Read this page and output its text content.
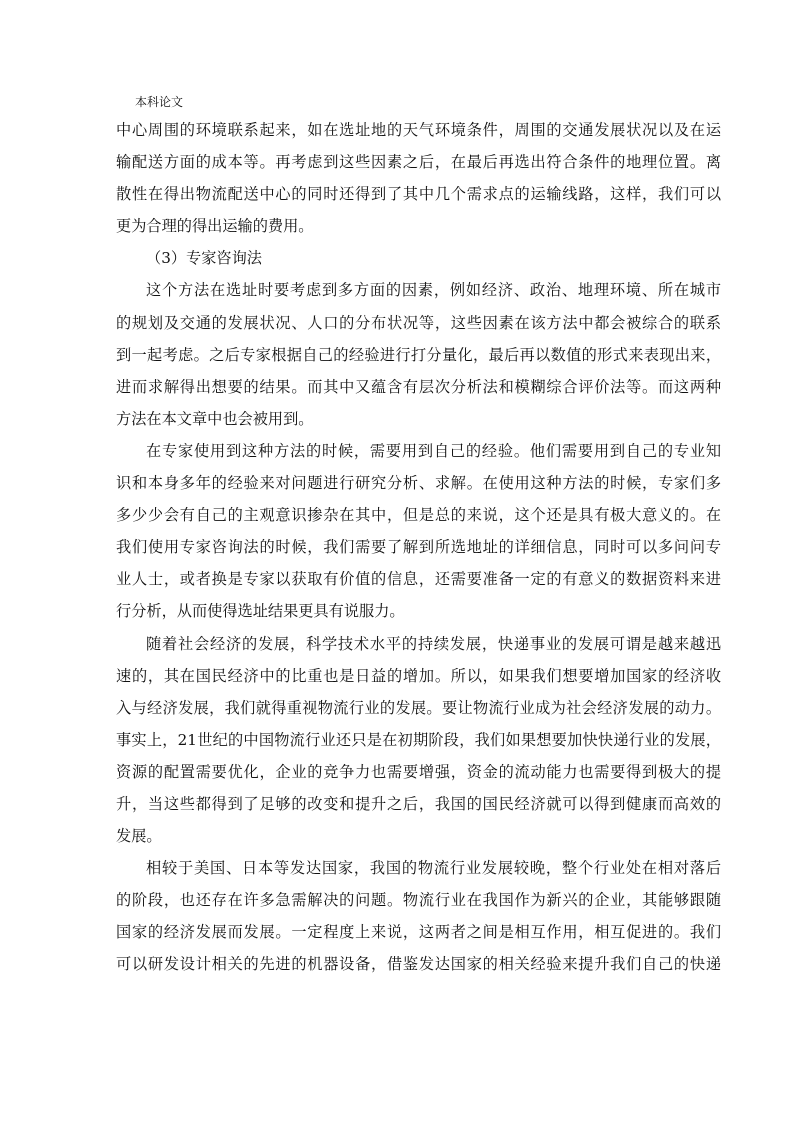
本科论文
中心周围的环境联系起来，如在选址地的天气环境条件，周围的交通发展状况以及在运
输配送方面的成本等。再考虑到这些因素之后，在最后再选出符合条件的地理位置。离
散性在得出物流配送中心的同时还得到了其中几个需求点的运输线路，这样，我们可以
更为合理的得出运输的费用。
（3）专家咨询法
这个方法在选址时要考虑到多方面的因素，例如经济、政治、地理环境、所在城市
的规划及交通的发展状况、人口的分布状况等，这些因素在该方法中都会被综合的联系
到一起考虑。之后专家根据自己的经验进行打分量化，最后再以数值的形式来表现出来，
进而求解得出想要的结果。而其中又蕴含有层次分析法和模糊综合评价法等。而这两种
方法在本文章中也会被用到。
在专家使用到这种方法的时候，需要用到自己的经验。他们需要用到自己的专业知
识和本身多年的经验来对问题进行研究分析、求解。在使用这种方法的时候，专家们多
多少少会有自己的主观意识掺杂在其中，但是总的来说，这个还是具有极大意义的。在
我们使用专家咨询法的时候，我们需要了解到所选地址的详细信息，同时可以多问问专
业人士，或者换是专家以获取有价值的信息，还需要准备一定的有意义的数据资料来进
行分析，从而使得选址结果更具有说服力。
随着社会经济的发展，科学技术水平的持续发展，快递事业的发展可谓是越来越迅
速的，其在国民经济中的比重也是日益的增加。所以，如果我们想要增加国家的经济收
入与经济发展，我们就得重视物流行业的发展。要让物流行业成为社会经济发展的动力。
事实上，21世纪的中国物流行业还只是在初期阶段，我们如果想要加快快递行业的发展，
资源的配置需要优化，企业的竞争力也需要增强，资金的流动能力也需要得到极大的提
升，当这些都得到了足够的改变和提升之后，我国的国民经济就可以得到健康而高效的
发展。
相较于美国、日本等发达国家，我国的物流行业发展较晚，整个行业处在相对落后
的阶段，也还存在许多急需解决的问题。物流行业在我国作为新兴的企业，其能够跟随
国家的经济发展而发展。一定程度上来说，这两者之间是相互作用，相互促进的。我们
可以研发设计相关的先进的机器设备，借鉴发达国家的相关经验来提升我们自己的快递
